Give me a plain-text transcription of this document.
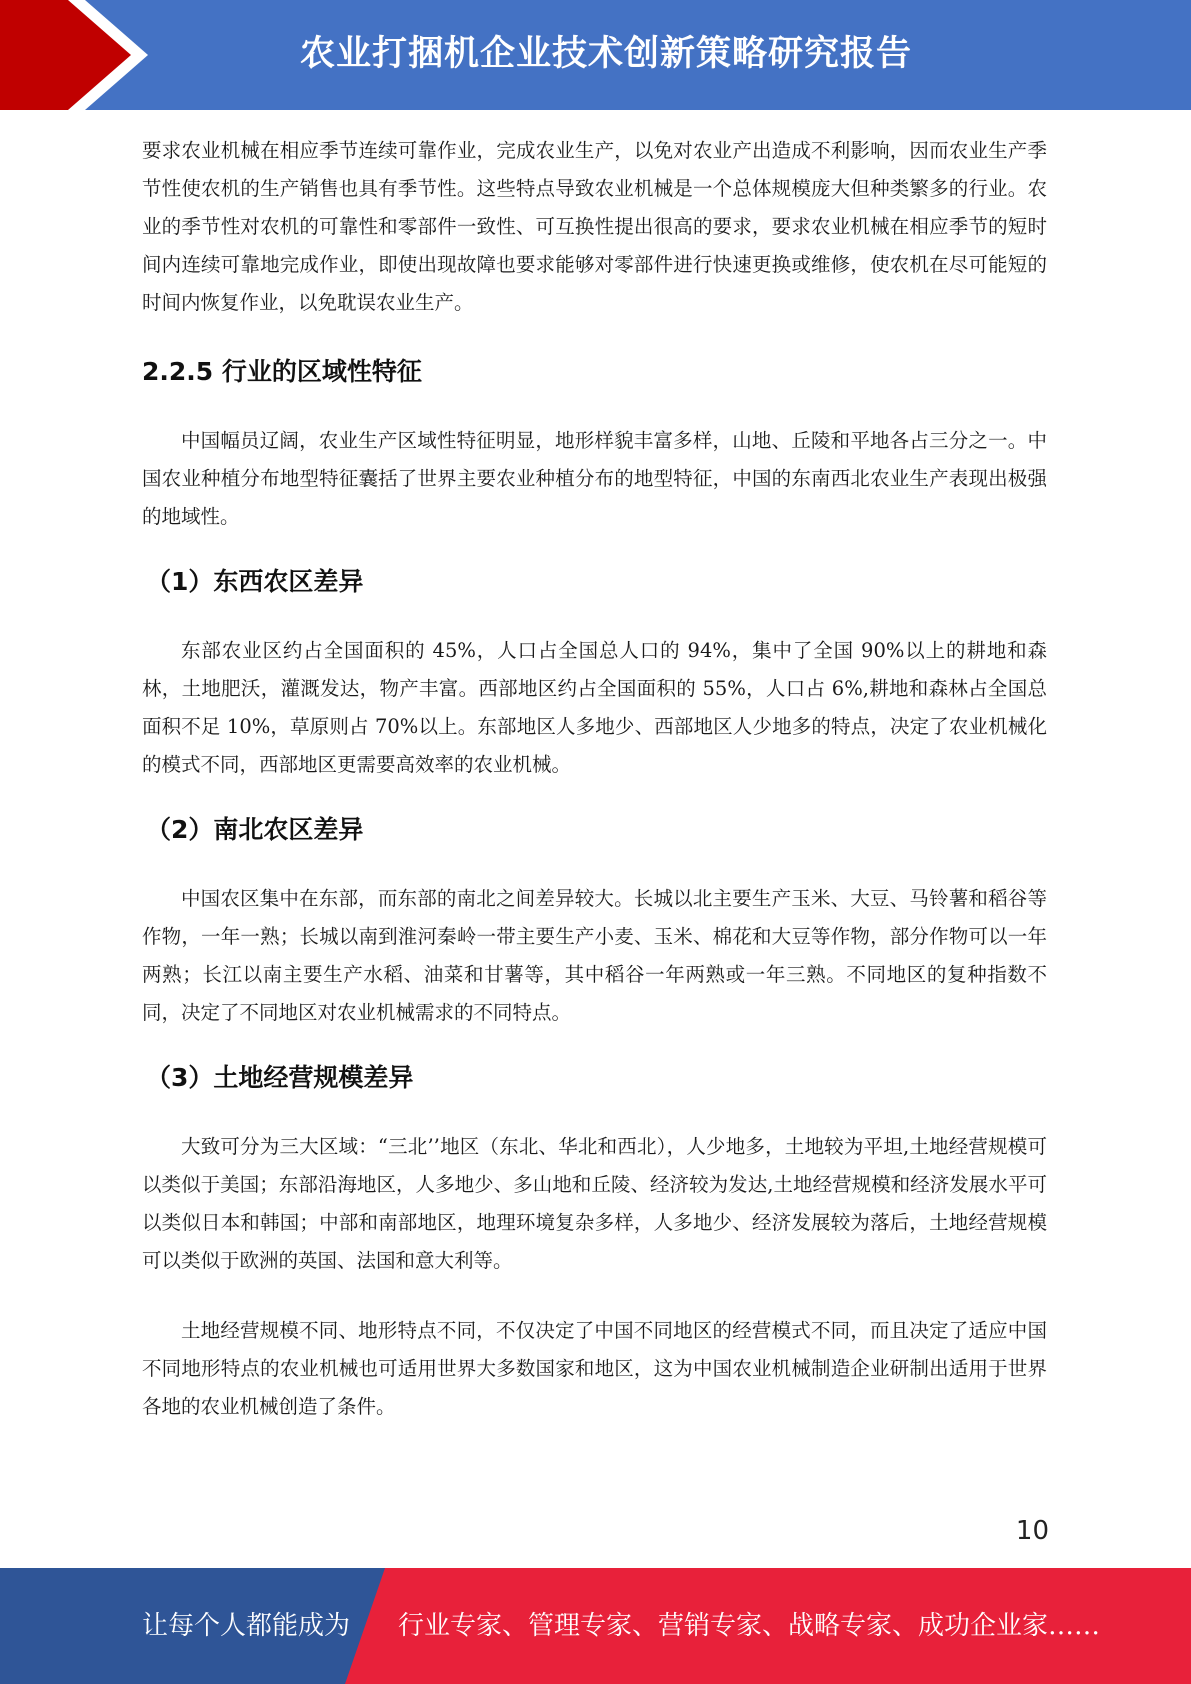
农业打捆机企业技术创新策略研究报告

要求农业机械在相应季节连续可靠作业，完成农业生产，以免对农业产出造成不利影响，因而农业生产季节性使农机的生产销售也具有季节性。这些特点导致农业机械是一个总体规模庞大但种类繁多的行业。农业的季节性对农机的可靠性和零部件一致性、可互换性提出很高的要求，要求农业机械在相应季节的短时间内连续可靠地完成作业，即使出现故障也要求能够对零部件进行快速更换或维修，使农机在尽可能短的时间内恢复作业，以免耽误农业生产。

2.2.5 行业的区域性特征

中国幅员辽阔，农业生产区域性特征明显，地形样貌丰富多样，山地、丘陵和平地各占三分之一。中国农业种植分布地型特征囊括了世界主要农业种植分布的地型特征，中国的东南西北农业生产表现出极强的地域性。

（1）东西农区差异

东部农业区约占全国面积的 45%，人口占全国总人口的 94%，集中了全国 90%以上的耕地和森林，土地肥沃，灌溉发达，物产丰富。西部地区约占全国面积的 55%，人口占 6%,耕地和森林占全国总面积不足 10%，草原则占 70%以上。东部地区人多地少、西部地区人少地多的特点，决定了农业机械化的模式不同，西部地区更需要高效率的农业机械。

（2）南北农区差异

中国农区集中在东部，而东部的南北之间差异较大。长城以北主要生产玉米、大豆、马铃薯和稻谷等作物，一年一熟；长城以南到淮河秦岭一带主要生产小麦、玉米、棉花和大豆等作物，部分作物可以一年两熟；长江以南主要生产水稻、油菜和甘薯等，其中稻谷一年两熟或一年三熟。不同地区的复种指数不同，决定了不同地区对农业机械需求的不同特点。

（3）土地经营规模差异

大致可分为三大区域：“三北’’地区（东北、华北和西北），人少地多，土地较为平坦,土地经营规模可以类似于美国；东部沿海地区，人多地少、多山地和丘陵、经济较为发达,土地经营规模和经济发展水平可以类似日本和韩国；中部和南部地区，地理环境复杂多样，人多地少、经济发展较为落后，土地经营规模可以类似于欧洲的英国、法国和意大利等。

土地经营规模不同、地形特点不同，不仅决定了中国不同地区的经营模式不同，而且决定了适应中国不同地形特点的农业机械也可适用世界大多数国家和地区，这为中国农业机械制造企业研制出适用于世界各地的农业机械创造了条件。

10
让每个人都能成为 行业专家、管理专家、营销专家、战略专家、成功企业家……
